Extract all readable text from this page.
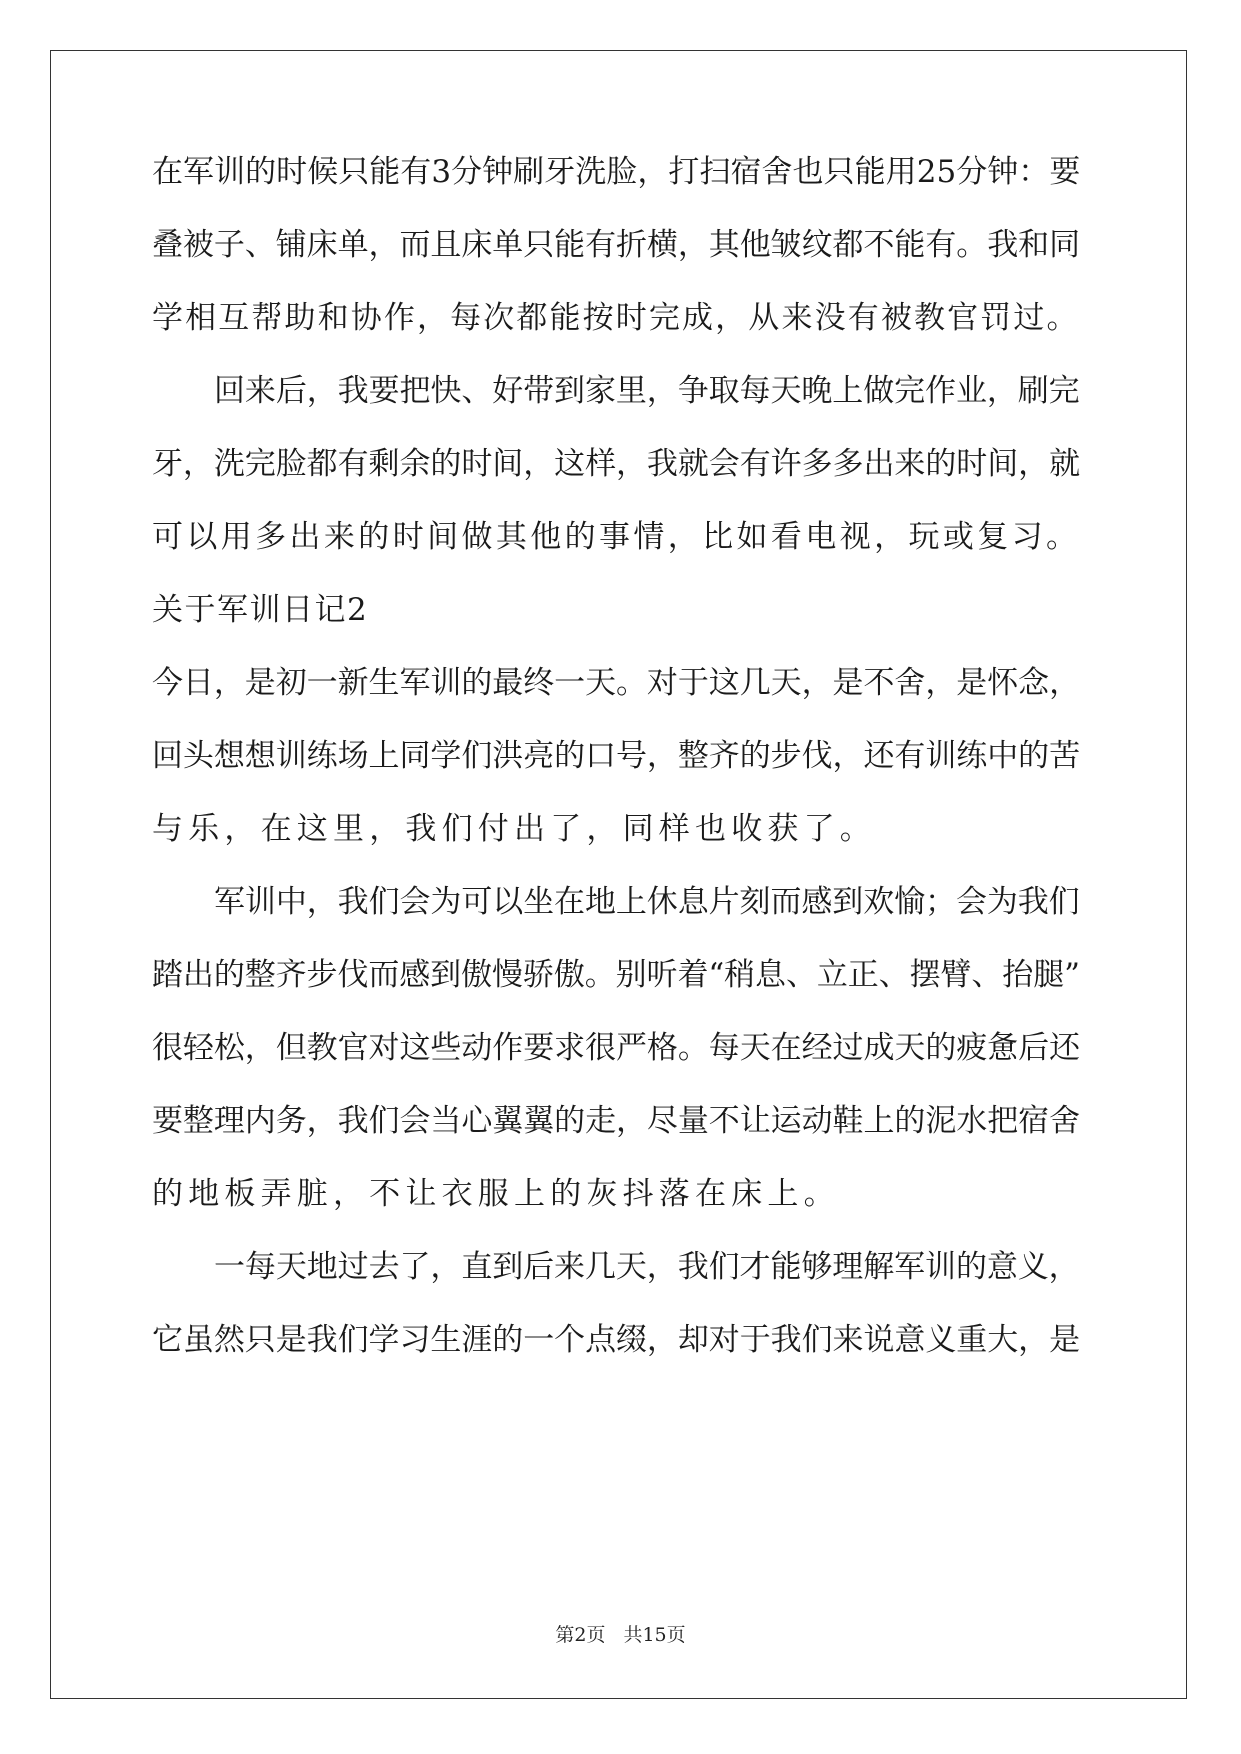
在军训的时候只能有3分钟刷牙洗脸，打扫宿舍也只能用25分钟：要

叠被子、铺床单，而且床单只能有折横，其他皱纹都不能有。我和同

学相互帮助和协作，每次都能按时完成，从来没有被教官罚过。

回来后，我要把快、好带到家里，争取每天晚上做完作业，刷完

牙，洗完脸都有剩余的时间，这样，我就会有许多多出来的时间，就

可以用多出来的时间做其他的事情，比如看电视，玩或复习。

关于军训日记2

今日，是初一新生军训的最终一天。对于这几天，是不舍，是怀念，

回头想想训练场上同学们洪亮的口号，整齐的步伐，还有训练中的苦

与乐，在这里，我们付出了，同样也收获了。

军训中，我们会为可以坐在地上休息片刻而感到欢愉；会为我们

踏出的整齐步伐而感到傲慢骄傲。别听着“稍息、立正、摆臂、抬腿”

很轻松，但教官对这些动作要求很严格。每天在经过成天的疲惫后还

要整理内务，我们会当心翼翼的走，尽量不让运动鞋上的泥水把宿舍

的地板弄脏，不让衣服上的灰抖落在床上。

一每天地过去了，直到后来几天，我们才能够理解军训的意义，

它虽然只是我们学习生涯的一个点缀，却对于我们来说意义重大，是

第2页 共15页
